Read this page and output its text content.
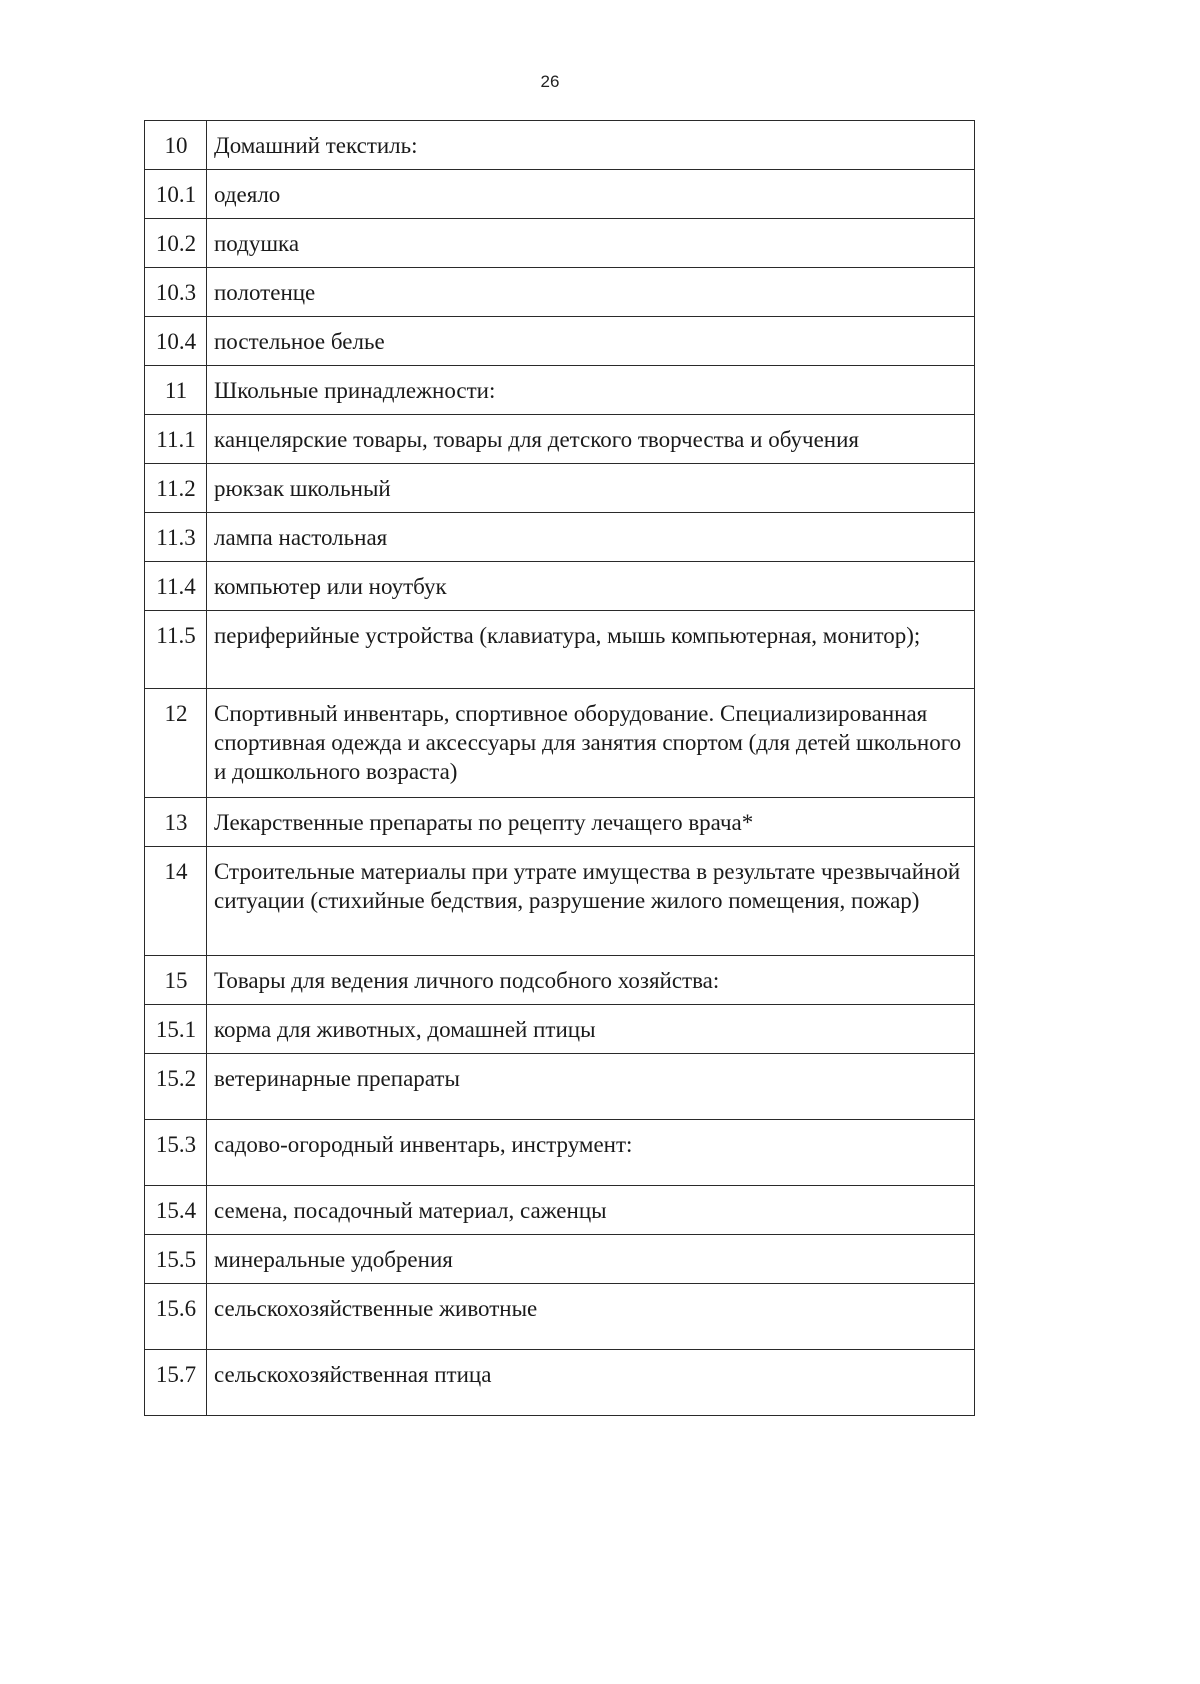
26
10	Домашний текстиль:
10.1	одеяло
10.2	подушка
10.3	полотенце
10.4	постельное белье
11	Школьные принадлежности:
11.1	канцелярские товары, товары для детского творчества и обучения
11.2	рюкзак школьный
11.3	лампа настольная
11.4	компьютер или ноутбук
11.5	периферийные устройства (клавиатура, мышь компьютерная, монитор);
12	Спортивный инвентарь, спортивное оборудование. Специализированная спортивная одежда и аксессуары для занятия спортом (для детей школьного и дошкольного возраста)
13	Лекарственные препараты по рецепту лечащего врача*
14	Строительные материалы при утрате имущества в результате чрезвычайной ситуации (стихийные бедствия, разрушение жилого помещения, пожар)
15	Товары для ведения личного подсобного хозяйства:
15.1	корма для животных, домашней птицы
15.2	ветеринарные препараты
15.3	садово-огородный инвентарь, инструмент:
15.4	семена, посадочный материал, саженцы
15.5	минеральные удобрения
15.6	сельскохозяйственные животные
15.7	сельскохозяйственная птица
